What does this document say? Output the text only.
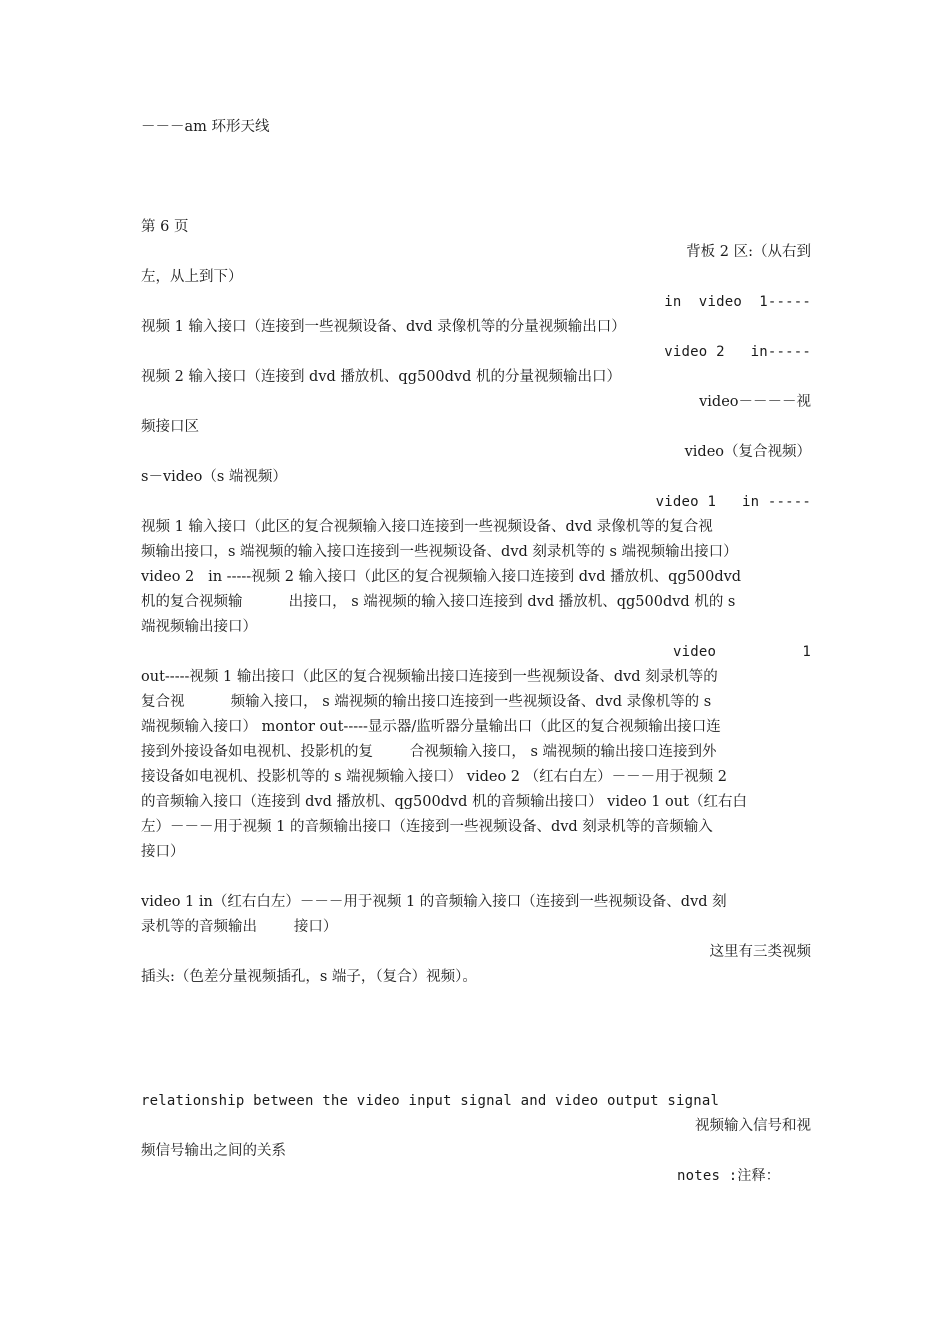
－－－am 环形天线
第 6 页
背板 2 区:（从右到
左，从上到下）
in  video  1-----
视频 1 输入接口（连接到一些视频设备、dvd 录像机等的分量视频输出口）
video 2   in-----
视频 2 输入接口（连接到 dvd 播放机、qg500dvd 机的分量视频输出口）
video－－－－视
频接口区
video（复合视频）
s－video（s 端视频）
video 1   in -----
视频 1 输入接口（此区的复合视频输入接口连接到一些视频设备、dvd 录像机等的复合视
频输出接口，s 端视频的输入接口连接到一些视频设备、dvd 刻录机等的 s 端视频输出接口）
video 2   in -----视频 2 输入接口（此区的复合视频输入接口连接到 dvd 播放机、qg500dvd
机的复合视频输          出接口， s 端视频的输入接口连接到 dvd 播放机、qg500dvd 机的 s
端视频输出接口）
video          1
out-----视频 1 输出接口（此区的复合视频输出接口连接到一些视频设备、dvd 刻录机等的
复合视          频输入接口， s 端视频的输出接口连接到一些视频设备、dvd 录像机等的 s
端视频输入接口） montor out-----显示器/监听器分量输出口（此区的复合视频输出接口连
接到外接设备如电视机、投影机的复        合视频输入接口， s 端视频的输出接口连接到外
接设备如电视机、投影机等的 s 端视频输入接口） video 2 （红右白左）－－－用于视频 2
的音频输入接口（连接到 dvd 播放机、qg500dvd 机的音频输出接口） video 1 out（红右白
左）－－－用于视频 1 的音频输出接口（连接到一些视频设备、dvd 刻录机等的音频输入
接口）
video 1 in（红右白左）－－－用于视频 1 的音频输入接口（连接到一些视频设备、dvd 刻
录机等的音频输出        接口）
这里有三类视频
插头:（色差分量视频插孔，s 端子，（复合）视频）。
relationship between the video input signal and video output signal
视频输入信号和视
频信号输出之间的关系
notes :注释：
